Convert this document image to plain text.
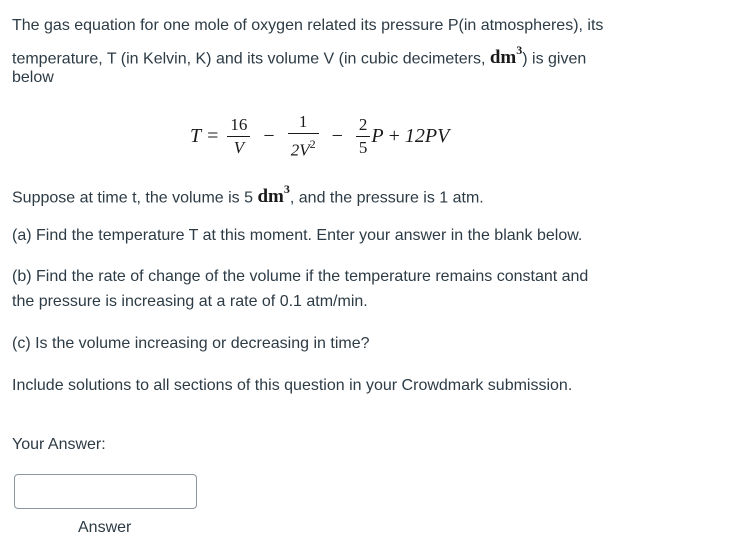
The gas equation for one mole of oxygen related its pressure P(in atmospheres), its

temperature, T (in Kelvin, K) and its volume V (in cubic decimeters, $dm^3$) is given

below

$T = \frac{16}{V} - \frac{1}{2V^2} - \frac{2}{5}$ P + 12PV

Suppose at time t, the volume is 5 $dm^3$, and the pressure is 1 atm.

(a) Find the temperature T at this moment. Enter your answer in the blank below.

(b) Find the rate of change of the volume if the temperature remains constant and

the pressure is increasing at a rate of 0.1 atm/min.

(c) Is the volume increasing or decreasing in time?

Include solutions to all sections of this question in your Crowdmark submission.

Your Answer:
Answer
